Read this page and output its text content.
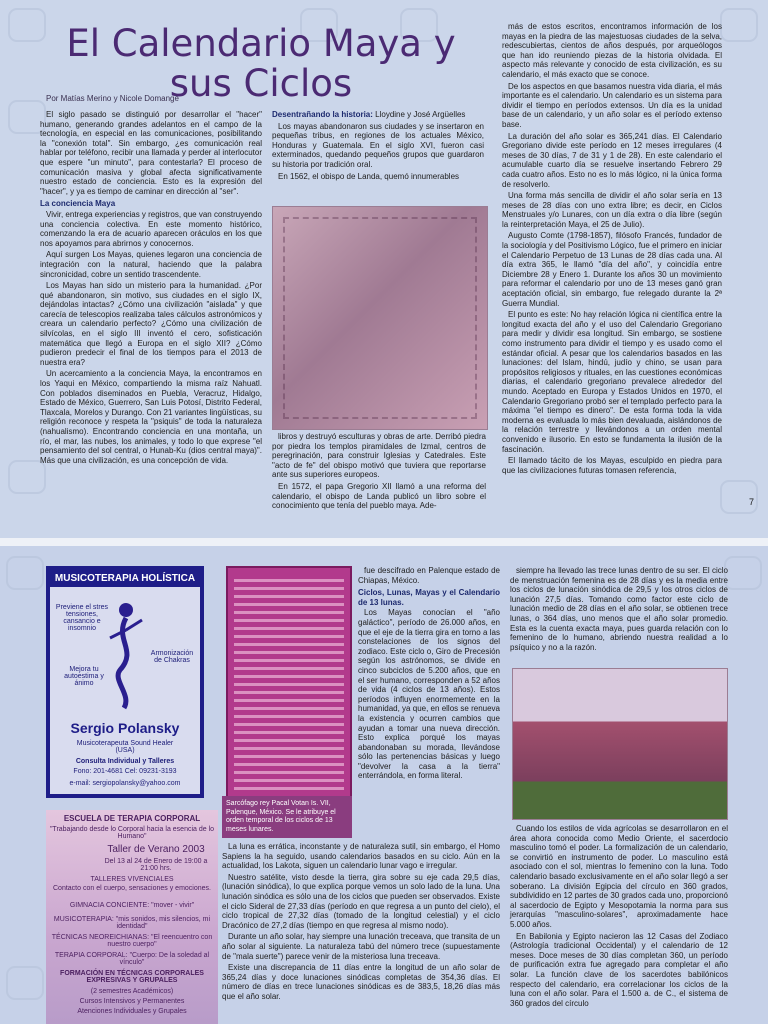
El Calendario Maya y sus Ciclos
Por Matías Merino y Nicole Domange

El siglo pasado se distinguió por desarrollar el "hacer" humano, generando grandes adelantos en el campo de la tecnología, en especial en las comunicaciones, posibilitando la "conexión total". Sin embargo, ¿es comunicación real hablar por teléfono, recibir una llamada y perder al interlocutor que espere "un minuto", para contestarla? El proceso de comunicación masiva y global afecta significativamente nuestro estado de conciencia. Esto es la expresión del "hacer", y ya es tiempo de caminar en dirección al "ser".

La conciencia Maya

Vivir, entrega experiencias y registros, que van construyendo una conciencia colectiva. En este momento histórico, comenzando la era de acuario aparecen oráculos en los que nos apoyamos para abrirnos y conocernos.

Aquí surgen Los Mayas, quienes legaron una conciencia de integración con la natural, haciendo que la palabra sincronicidad, cobre un sentido trascendente.

Los Mayas han sido un misterio para la humanidad. ¿Por qué abandonaron, sin motivo, sus ciudades en el siglo IX, dejándolas intactas? ¿Cómo una civilización "aislada" y que carecía de telescopios realizaba tales cálculos astronómicos y creara un calendario perfecto? ¿Cómo una civilización de silvícolas, en el siglo III inventó el cero, sofisticación matemática que llegó a Europa en el siglo XII? ¿Cómo pudieron predecir el final de los tiempos para el 2013 de nuestra era?

Un acercamiento a la conciencia Maya, la encontramos en los Yaqui en México, compartiendo la misma raíz Nahuatl. Con poblados diseminados en Puebla, Veracruz, Hidalgo, Estado de México, Guerrero, San Luis Potosí, Distrito Federal, Tlaxcala, Morelos y Durango. Con 21 variantes lingüísticas, su religión reconoce y respeta la "psiquis" de toda la naturaleza (nahualismo). Encontrando conciencia en una montaña, un río, el mar, las nubes, los animales, y todo lo que exprese "el pensamiento del sol central, o Hunab-Ku (dios central maya)". Más que una civilización, es una concepción de vida.

Desentrañando la historia: Lloydine y José Argüelles

Los mayas abandonaron sus ciudades y se insertaron en pequeñas tribus, en regiones de los actuales México, Honduras y Guatemala. En el siglo XVI, fueron casi exterminados, quedando pequeños grupos que guardaron su historia por tradición oral.

En 1562, el obispo de Landa, quemó innumerables

libros y destruyó esculturas y obras de arte. Derribó piedra por piedra los templos piramidales de Izmal, centros de peregrinación, para construir Iglesias y Catedrales. Este "acto de fe" del obispo motivó que tuviera que reportarse ante sus superiores europeos.

En 1572, el papa Gregorio XII llamó a una reforma del calendario, el obispo de Landa publicó un libro sobre el conocimiento que tenía del pueblo maya. Ade-

más de estos escritos, encontramos información de los mayas en la piedra de las majestuosas ciudades de la selva, redescubiertas, cientos de años después, por arqueólogos que han ido reuniendo piezas de la historia olvidada. El aspecto más relevante y conocido de esta civilización, es su calendario, el más exacto que se conoce.

De los aspectos en que basamos nuestra vida diaria, el más importante es el calendario. Un calendario es un sistema para dividir el tiempo en períodos extensos. Un día es la unidad base de un calendario, y un año solar es el período extenso base.

La duración del año solar es 365,241 días. El Calendario Gregoriano divide este período en 12 meses irregulares (4 meses de 30 días, 7 de 31 y 1 de 28). En este calendario el acumulable cuarto día se resuelve insertando Febrero 29 cada cuatro años. Esto no es lo más lógico, ni la única forma de resolverlo.

Una forma más sencilla de dividir el año solar sería en 13 meses de 28 días con uno extra libre; es decir, en Ciclos Menstruales y/o Lunares, con un día extra o día libre (según la reinterpretación Maya, el 25 de Julio).

Augusto Comte (1798-1857), filósofo Francés, fundador de la sociología y del Positivismo Lógico, fue el primero en iniciar el Calendario Perpetuo de 13 Lunas de 28 días cada una. Al día extra 365, le llamó "día del año", y coincidía entre Diciembre 28 y Enero 1. Durante los años 30 un movimiento para reformar el calendario por uno de 13 meses ganó gran aceptación oficial, sin embargo, fue relegado durante la 2ª Guerra Mundial.

El punto es este: No hay relación lógica ni científica entre la longitud exacta del año y el uso del Calendario Gregoriano para medir y dividir esa longitud. Sin embargo, se sostiene como instrumento para dividir el tiempo y es usado como el estándar oficial. A pesar que los calendarios basados en las lunaciones: del Islam, hindú, judío y chino, se usan para propósitos religiosos y rituales, en las cuestiones económicas diarias, el calendario gregoriano prevalece alrededor del mundo. Aceptado en Europa y Estados Unidos en 1970, el Calendario Gregoriano probó ser el templado perfecto para la máxima "el tiempo es dinero". De esta forma toda la vida moderna es evaluada lo más bien devaluada, aislándonos de la relación terrestre y llevándonos a un orden mental convenido e ilusorio. En esto se fundamenta la ilusión de la fascinación.

El llamado tácito de los Mayas, esculpido en piedra para que las civilizaciones futuras tomasen referencia,

7
MUSICOTERAPIA HOLÍSTICA
Previene el stres tensiones, cansancio e insomnio
Armonización de Chakras
Mejora tu autoestima y ánimo
Sergio Polansky
Musicoterapeuta Sound Healer (USA)
Consulta Individual y Talleres
Fono: 201-4681 Cel: 09231-3193
e-mail: sergiopolansky@yahoo.com
ESCUELA DE TERAPIA CORPORAL
"Trabajando desde lo Corporal hacia la esencia de lo Humano"
Taller de Verano 2003
Del 13 al 24 de Enero de 19:00 a 21:00 hrs.
TALLERES VIVENCIALES
Contacto con el cuerpo, sensaciones y emociones.
GIMNACIA CONCIENTE: "mover - vivir"
MUSICOTERAPIA: "mis sonidos, mis silencios, mi identidad"
TÉCNICAS NEOREICHIANAS: "El reencuentro con nuestro cuerpo"
TERAPIA CORPORAL: "Cuerpo: De la soledad al vínculo"
FORMACIÓN EN TÉCNICAS CORPORALES EXPRESIVAS Y GRUPALES
(2 semestres Académicos)
Cursos Intensivos y Permanentes
Atenciones Individuales y Grupales
Sarcófago rey Pacal Votan Is. VII, Palenque, México. Se le atribuye el orden temporal de los ciclos de 13 meses lunares.

fue descifrado en Palenque estado de Chiapas, México.

Ciclos, Lunas, Mayas y el Calendario de 13 lunas.

Los Mayas conocían el "año galáctico", período de 26.000 años, en que el eje de la tierra gira en torno a las constelaciones de los signos del zodiaco. Este ciclo o, Giro de Precesión según los astrónomos, se divide en cinco subciclos de 5.200 años, que en el ser humano, corresponden a 52 años de vida (4 ciclos de 13 años). Estos períodos influyen enormemente en la humanidad, ya que, en ellos se renueva la existencia y ocurren cambios que ayudan a tomar una nueva dirección. Esto explica porqué los mayas abandonaban su morada, llevándose sólo las pertenencias básicas y luego "devolver la casa a la tierra" enterrándola, en forma literal.

La luna es errática, inconstante y de naturaleza sutil, sin embargo, el Homo Sapiens la ha seguido, usando calendarios basados en su ciclo. Aún en la actualidad, los Lakota, siguen un calendario lunar vago e irregular.

Nuestro satélite, visto desde la tierra, gira sobre su eje cada 29,5 días, (lunación sinódica), lo que explica porque vemos un solo lado de la luna. Una lunación sinódica es sólo una de los ciclos que pueden ser observados. Existe el ciclo Sideral de 27,33 días (período en que regresa a un punto del cielo), el ciclo tropical de 27,32 días (tomado de la longitud celestial) y el ciclo Dracónico de 27,2 días (tiempo en que regresa al mismo nodo).

Durante un año solar, hay siempre una lunación treceava, que transita de un año solar al siguiente. La naturaleza tabú del número trece (supuestamente de "mala suerte") parece venir de la misteriosa luna treceava.

Existe una discrepancia de 11 días entre la longitud de un año solar de 365,24 días y doce lunaciones sinódicas completas de 354,36 días. El número de días en trece lunaciones sinódicas es de 383,5, 18,26 días más que el año solar.

siempre ha llevado las trece lunas dentro de su ser. El ciclo de menstruación femenina es de 28 días y es la media entre los ciclos de lunación sinódica de 29,5 y los otros ciclos de lunación 27,5 días. Tomando como factor este ciclo de lunación medio de 28 días en el año solar, se obtienen trece lunas, o 364 días, uno menos que el año solar promedio. Esta es la cuenta exacta maya, pues guarda relación con lo femenino de lo humano, abriendo nuestra realidad a lo psíquico y no a la razón.

Cuando los estilos de vida agrícolas se desarrollaron en el área ahora conocida como Medio Oriente, el sacerdocio masculino tomó el poder. La formalización de un calendario, se convirtió en instrumento de poder. Lo masculino está asociado con el sol, mientras lo femenino con la luna. Todo calendario basado exclusivamente en el año solar llegó a ser soberano. La división Egipcia del círculo en 360 grados, subdividido en 12 partes de 30 grados cada uno, proporcionó al sacerdocio de Egipto y Mesopotamia la norma para sus jerarquías "masculino-solares", aproximadamente hace 5.000 años.

En Babilonia y Egipto nacieron las 12 Casas del Zodiaco (Astrología tradicional Occidental) y el calendario de 12 meses. Doce meses de 30 días completan 360, un período de purificación extra fue agregado para completar el año solar. La función clave de los sacerdotes babilónicos respecto del calendario, era correlacionar los ciclos de la luna con el año solar. Para el 1.500 a. de C., el sistema de 360 grados del círculo
